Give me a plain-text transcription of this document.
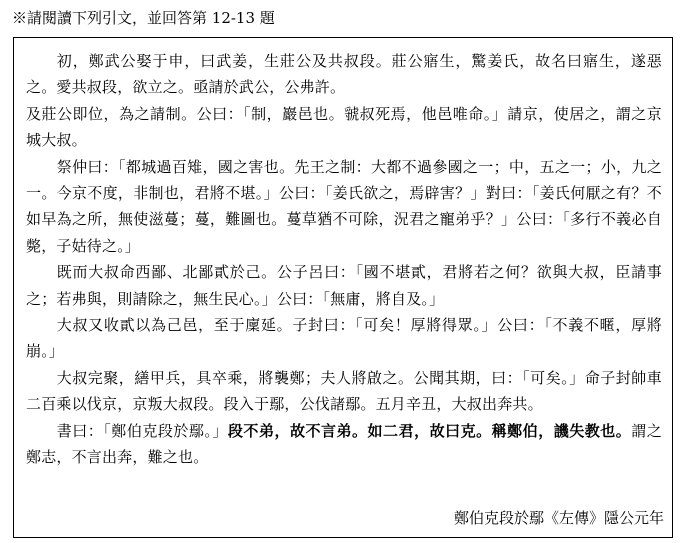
※請閱讀下列引文，並回答第 12-13 題

初，鄭武公娶于申，曰武姜，生莊公及共叔段。莊公寤生，驚姜氏，故名曰寤生，遂惡之。愛共叔段，欲立之。亟請於武公，公弗許。

及莊公即位，為之請制。公曰：「制，巖邑也。虢叔死焉，他邑唯命。」請京，使居之，謂之京城大叔。

祭仲曰：「都城過百雉，國之害也。先王之制：大都不過參國之一；中，五之一；小，九之一。今京不度，非制也，君將不堪。」公曰：「姜氏欲之，焉辟害？」對曰：「姜氏何厭之有？不如早為之所，無使滋蔓；蔓，難圖也。蔓草猶不可除，況君之寵弟乎？」公曰：「多行不義必自斃，子姑待之。」

既而大叔命西鄙、北鄙貳於己。公子呂曰：「國不堪貳，君將若之何？欲與大叔，臣請事之；若弗與，則請除之，無生民心。」公曰：「無庸，將自及。」

大叔又收貳以為己邑，至于廩延。子封曰：「可矣！厚將得眾。」公曰：「不義不暱，厚將崩。」

大叔完聚，繕甲兵，具卒乘，將襲鄭；夫人將啟之。公聞其期，曰：「可矣。」命子封帥車二百乘以伐京，京叛大叔段。段入于鄢，公伐諸鄢。五月辛丑，大叔出奔共。

書曰：「鄭伯克段於鄢。」段不弟，故不言弟。如二君，故曰克。稱鄭伯，譏失教也。謂之鄭志，不言出奔，難之也。

鄭伯克段於鄢《左傳》隱公元年
